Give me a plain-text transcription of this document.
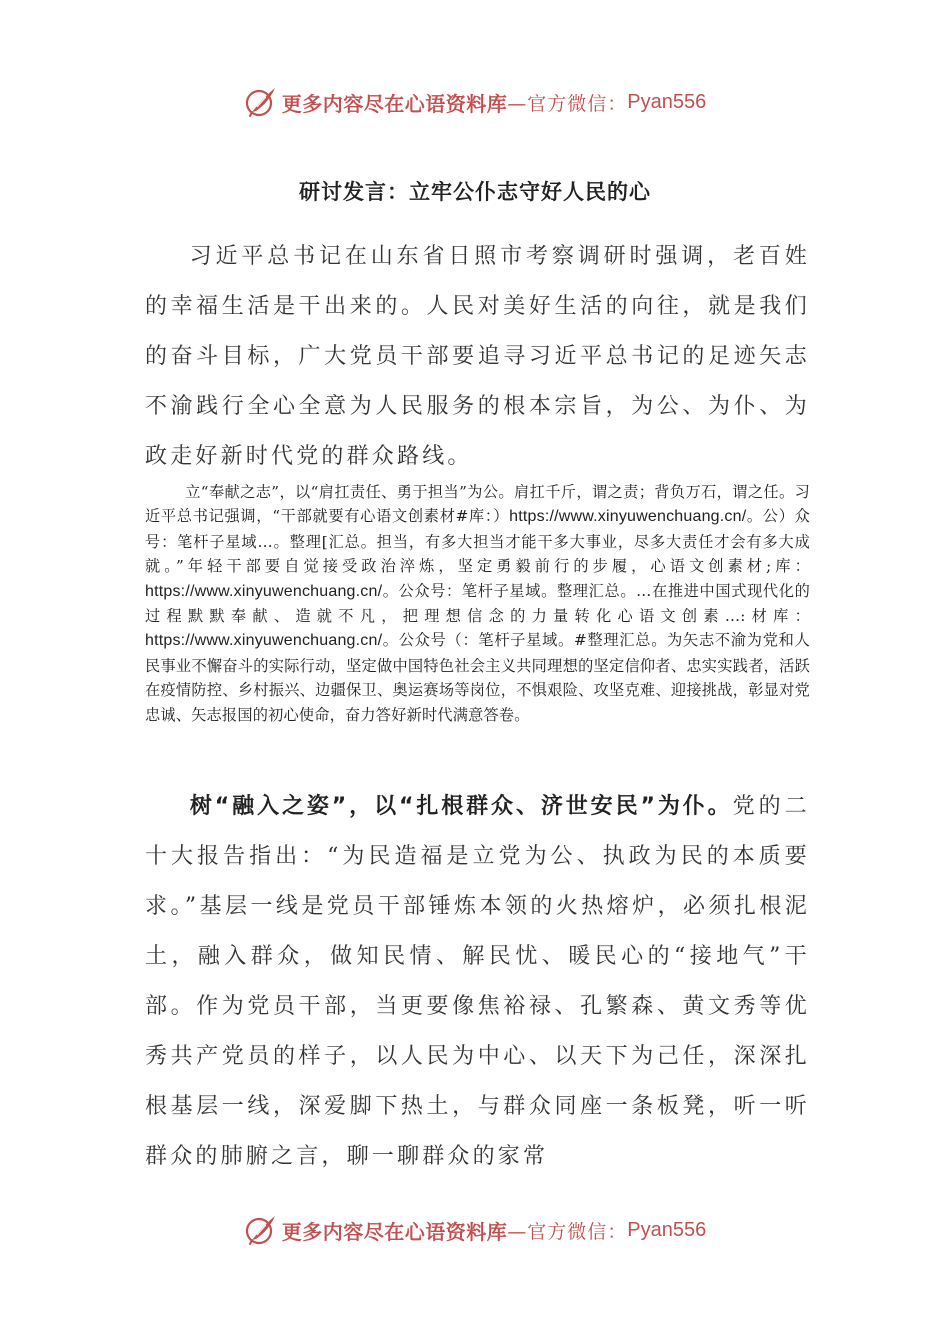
更多内容尽在心语资料库 —官方微信： Pyan556
研讨发言：立牢公仆志守好人民的心

习近平总书记在山东省日照市考察调研时强调，老百姓的幸福生活是干出来的。人民对美好生活的向往，就是我们的奋斗目标，广大党员干部要追寻习近平总书记的足迹矢志不渝践行全心全意为人民服务的根本宗旨，为公、为仆、为政走好新时代党的群众路线。

立“奉献之志”，以“肩扛责任、勇于担当”为公。肩扛千斤，谓之责；背负万石，谓之任。习近平总书记强调，“干部就要有心语文创素材#库：）https://www.xinyuwenchuang.cn/。公）众号：笔杆子星域…。整理[汇总。担当，有多大担当才能干多大事业，尽多大责任才会有多大成就。”年轻干部要自觉接受政治淬炼，坚定勇毅前行的步履，心语文创素材;库：https://www.xinyuwenchuang.cn/。公众号：笔杆子星域。整理汇总。…在推进中国式现代化的过程默默奉献、造就不凡，把理想信念的力量转化心语文创素…:材库：https://www.xinyuwenchuang.cn/。公众号（：笔杆子星域。#整理汇总。为矢志不渝为党和人民事业不懈奋斗的实际行动，坚定做中国特色社会主义共同理想的坚定信仰者、忠实实践者，活跃在疫情防控、乡村振兴、边疆保卫、奥运赛场等岗位，不惧艰险、攻坚克难、迎接挑战，彰显对党忠诚、矢志报国的初心使命，奋力答好新时代满意答卷。

树“融入之姿”，以“扎根群众、济世安民”为仆。党的二十大报告指出：“为民造福是立党为公、执政为民的本质要求。”基层一线是党员干部锤炼本领的火热熔炉，必须扎根泥土，融入群众，做知民情、解民忧、暖民心的“接地气”干部。作为党员干部，当更要像焦裕禄、孔繁森、黄文秀等优秀共产党员的样子，以人民为中心、以天下为己任，深深扎根基层一线，深爱脚下热土，与群众同座一条板凳，听一听群众的肺腑之言，聊一聊群众的家常

更多内容尽在心语资料库 —官方微信： Pyan556
